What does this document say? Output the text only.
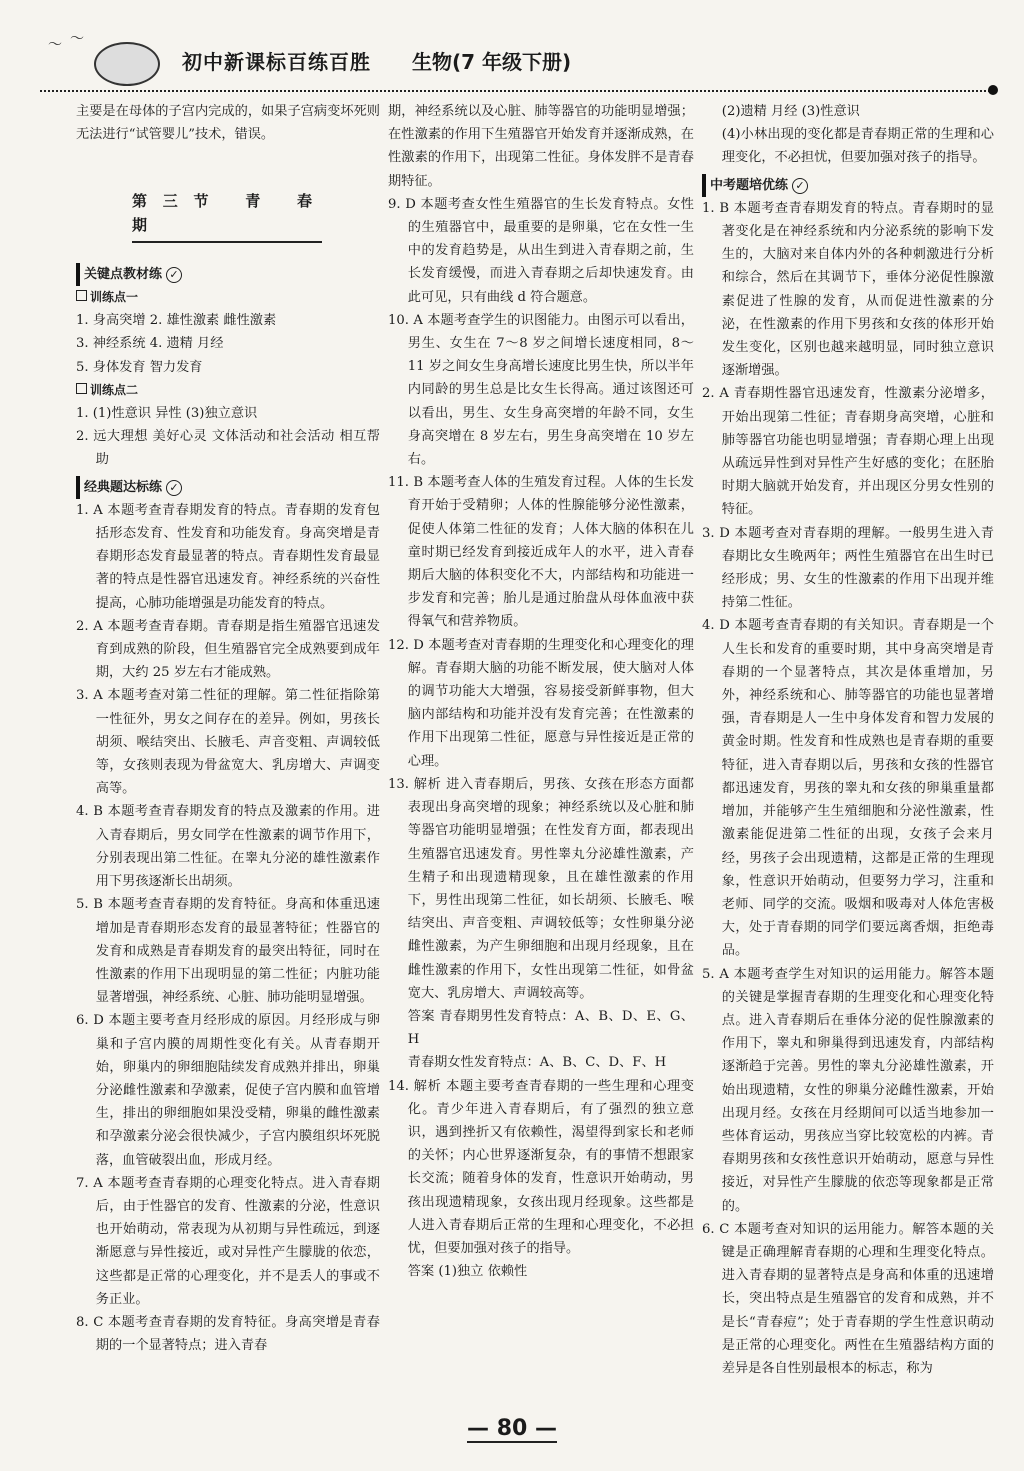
〜 〜
初中新课标百练百胜 生物(7 年级下册)

主要是在母体的子宫内完成的，如果子宫病变坏死则无法进行“试管婴儿”技术，错误。

第三节 青 春 期

关键点教材练 ✓

训练点一

1. 身高突增 2. 雄性激素 雌性激素

3. 神经系统 4. 遗精 月经

5. 身体发育 智力发育

训练点二

1. (1)性意识 异性 (3)独立意识

2. 远大理想 美好心灵 文体活动和社会活动 相互帮助

经典题达标练 ✓

1. A 本题考查青春期发育的特点。青春期的发育包括形态发育、性发育和功能发育。身高突增是青春期形态发育最显著的特点。青春期性发育最显著的特点是性器官迅速发育。神经系统的兴奋性提高，心肺功能增强是功能发育的特点。

2. A 本题考查青春期。青春期是指生殖器官迅速发育到成熟的阶段，但生殖器官完全成熟要到成年期，大约 25 岁左右才能成熟。

3. A 本题考查对第二性征的理解。第二性征指除第一性征外，男女之间存在的差异。例如，男孩长胡须、喉结突出、长腋毛、声音变粗、声调较低等，女孩则表现为骨盆宽大、乳房增大、声调变高等。

4. B 本题考查青春期发育的特点及激素的作用。进入青春期后，男女同学在性激素的调节作用下，分别表现出第二性征。在睾丸分泌的雄性激素作用下男孩逐渐长出胡须。

5. B 本题考查青春期的发育特征。身高和体重迅速增加是青春期形态发育的最显著特征；性器官的发育和成熟是青春期发育的最突出特征，同时在性激素的作用下出现明显的第二性征；内脏功能显著增强，神经系统、心脏、肺功能明显增强。

6. D 本题主要考查月经形成的原因。月经形成与卵巢和子宫内膜的周期性变化有关。从青春期开始，卵巢内的卵细胞陆续发育成熟并排出，卵巢分泌雌性激素和孕激素，促使子宫内膜和血管增生，排出的卵细胞如果没受精，卵巢的雌性激素和孕激素分泌会很快减少，子宫内膜组织坏死脱落，血管破裂出血，形成月经。

7. A 本题考查青春期的心理变化特点。进入青春期后，由于性器官的发育、性激素的分泌，性意识也开始萌动，常表现为从初期与异性疏远，到逐渐愿意与异性接近，或对异性产生朦胧的依恋，这些都是正常的心理变化，并不是丢人的事或不务正业。

8. C 本题考查青春期的发育特征。身高突增是青春期的一个显著特点；进入青春

期，神经系统以及心脏、肺等器官的功能明显增强；在性激素的作用下生殖器官开始发育并逐渐成熟，在性激素的作用下，出现第二性征。身体发胖不是青春期特征。

9. D 本题考查女性生殖器官的生长发育特点。女性的生殖器官中，最重要的是卵巢，它在女性一生中的发育趋势是，从出生到进入青春期之前，生长发育缓慢，而进入青春期之后却快速发育。由此可见，只有曲线 d 符合题意。

10. A 本题考查学生的识图能力。由图示可以看出，男生、女生在 7～8 岁之间增长速度相同，8～11 岁之间女生身高增长速度比男生快，所以半年内同龄的男生总是比女生长得高。通过该图还可以看出，男生、女生身高突增的年龄不同，女生身高突增在 8 岁左右，男生身高突增在 10 岁左右。

11. B 本题考查人体的生殖发育过程。人体的生长发育开始于受精卵；人体的性腺能够分泌性激素，促使人体第二性征的发育；人体大脑的体积在儿童时期已经发育到接近成年人的水平，进入青春期后大脑的体积变化不大，内部结构和功能进一步发育和完善；胎儿是通过胎盘从母体血液中获得氧气和营养物质。

12. D 本题考查对青春期的生理变化和心理变化的理解。青春期大脑的功能不断发展，使大脑对人体的调节功能大大增强，容易接受新鲜事物，但大脑内部结构和功能并没有发育完善；在性激素的作用下出现第二性征，愿意与异性接近是正常的心理。

13. 解析 进入青春期后，男孩、女孩在形态方面都表现出身高突增的现象；神经系统以及心脏和肺等器官功能明显增强；在性发育方面，都表现出生殖器官迅速发育。男性睾丸分泌雄性激素，产生精子和出现遗精现象，且在雄性激素的作用下，男性出现第二性征，如长胡须、长腋毛、喉结突出、声音变粗、声调较低等；女性卵巢分泌雌性激素，为产生卵细胞和出现月经现象，且在雌性激素的作用下，女性出现第二性征，如骨盆宽大、乳房增大、声调较高等。

答案 青春期男性发育特点：A、B、D、E、G、H

青春期女性发育特点：A、B、C、D、F、H

14. 解析 本题主要考查青春期的一些生理和心理变化。青少年进入青春期后，有了强烈的独立意识，遇到挫折又有依赖性，渴望得到家长和老师的关怀；内心世界逐渐复杂，有的事情不想跟家长交流；随着身体的发育，性意识开始萌动，男孩出现遗精现象，女孩出现月经现象。这些都是人进入青春期后正常的生理和心理变化，不必担忧，但要加强对孩子的指导。

答案 (1)独立 依赖性

(2)遗精 月经 (3)性意识

(4)小林出现的变化都是青春期正常的生理和心理变化，不必担忧，但要加强对孩子的指导。

中考题培优练 ✓

1. B 本题考查青春期发育的特点。青春期时的显著变化是在神经系统和内分泌系统的影响下发生的，大脑对来自体内外的各种刺激进行分析和综合，然后在其调节下，垂体分泌促性腺激素促进了性腺的发育，从而促进性激素的分泌，在性激素的作用下男孩和女孩的体形开始发生变化，区别也越来越明显，同时独立意识逐渐增强。

2. A 青春期性器官迅速发育，性激素分泌增多，开始出现第二性征；青春期身高突增，心脏和肺等器官功能也明显增强；青春期心理上出现从疏远异性到对异性产生好感的变化；在胚胎时期大脑就开始发育，并出现区分男女性别的特征。

3. D 本题考查对青春期的理解。一般男生进入青春期比女生晚两年；两性生殖器官在出生时已经形成；男、女生的性激素的作用下出现并维持第二性征。

4. D 本题考查青春期的有关知识。青春期是一个人生长和发育的重要时期，其中身高突增是青春期的一个显著特点，其次是体重增加，另外，神经系统和心、肺等器官的功能也显著增强，青春期是人一生中身体发育和智力发展的黄金时期。性发育和性成熟也是青春期的重要特征，进入青春期以后，男孩和女孩的性器官都迅速发育，男孩的睾丸和女孩的卵巢重量都增加，并能够产生生殖细胞和分泌性激素，性激素能促进第二性征的出现，女孩子会来月经，男孩子会出现遗精，这都是正常的生理现象，性意识开始萌动，但要努力学习，注重和老师、同学的交流。吸烟和吸毒对人体危害极大，处于青春期的同学们要远离香烟，拒绝毒品。

5. A 本题考查学生对知识的运用能力。解答本题的关键是掌握青春期的生理变化和心理变化特点。进入青春期后在垂体分泌的促性腺激素的作用下，睾丸和卵巢得到迅速发育，内部结构逐渐趋于完善。男性的睾丸分泌雄性激素，开始出现遗精，女性的卵巢分泌雌性激素，开始出现月经。女孩在月经期间可以适当地参加一些体育运动，男孩应当穿比较宽松的内裤。青春期男孩和女孩性意识开始萌动，愿意与异性接近，对异性产生朦胧的依恋等现象都是正常的。

6. C 本题考查对知识的运用能力。解答本题的关键是正确理解青春期的心理和生理变化特点。进入青春期的显著特点是身高和体重的迅速增长，突出特点是生殖器官的发育和成熟，并不是长“青春痘”；处于青春期的学生性意识萌动是正常的心理变化。两性在生殖器结构方面的差异是各自性别最根本的标志，称为

— 80 —
